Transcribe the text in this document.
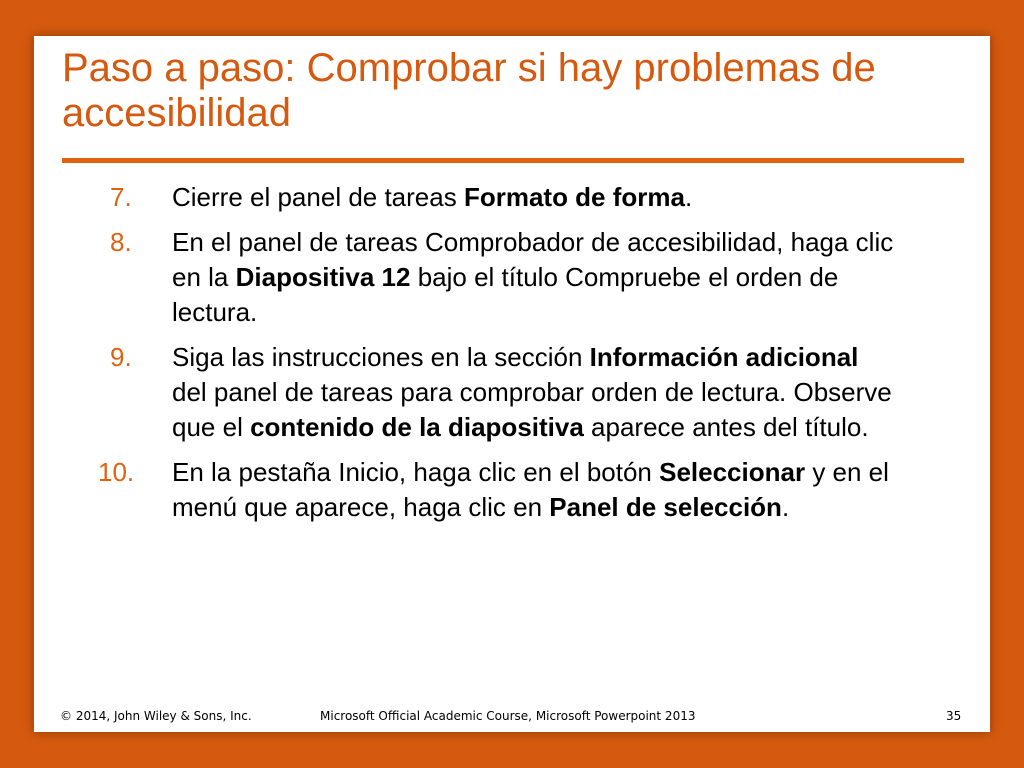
Paso a paso: Comprobar si hay problemas de accesibilidad
7. Cierre el panel de tareas Formato de forma.
8. En el panel de tareas Comprobador de accesibilidad, haga clic en la Diapositiva 12 bajo el título Compruebe el orden de lectura.
9. Siga las instrucciones en la sección Información adicional del panel de tareas para comprobar orden de lectura. Observe que el contenido de la diapositiva aparece antes del título.
10. En la pestaña Inicio, haga clic en el botón Seleccionar y en el menú que aparece, haga clic en Panel de selección.
© 2014, John Wiley & Sons, Inc.	Microsoft Official Academic Course, Microsoft Powerpoint 2013	35
